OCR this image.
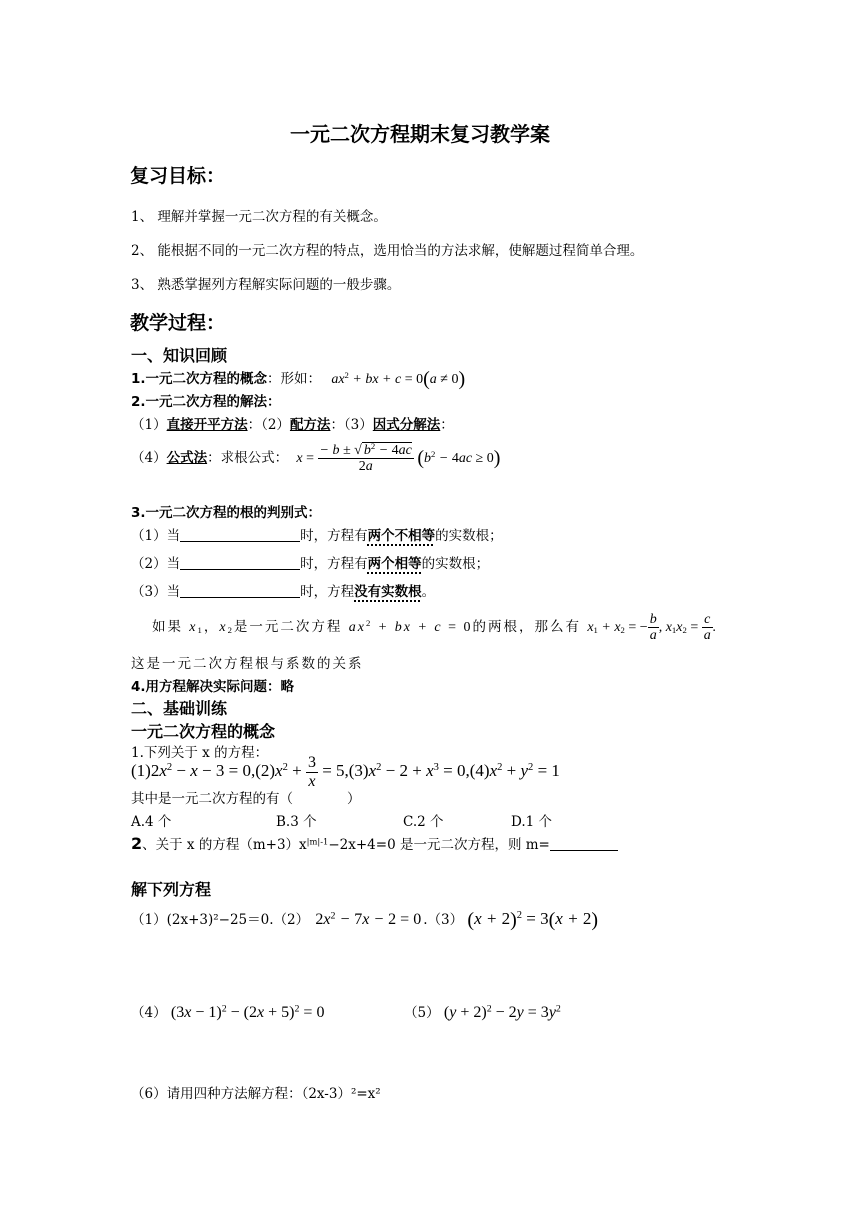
一元二次方程期末复习教学案
复习目标：
1、 理解并掌握一元二次方程的有关概念。
2、 能根据不同的一元二次方程的特点，选用恰当的方法求解，使解题过程简单合理。
3、 熟悉掌握列方程解实际问题的一般步骤。
教学过程：
一、知识回顾
1.一元二次方程的概念：形如： $ax^2$ + bx + c = 0(a ≠ 0)
2.一元二次方程的解法：
（1）直接开平方法：（2）配方法：（3）因式分解法：
（4）公式法：求根公式： $x = \frac{- b \pm √ b^2 - 4ac}{2a} (b^2 - 4ac \ge 0)$
3.一元二次方程的根的判别式：
（1）当	时，方程有两个不相等的实数根；
（2）当	时，方程有两个相等的实数根；
（3）当	时，方程没有实数根。
如果 $x_1$，$x_2$是一元二次方程 $ax^2$ + bx + c = 0的两根，那么有 $x_1 + x_2$ = − $\frac{b}{a}$ , $x_1x_2 = \frac{c}{a}$ .
这是一元二次方程根与系数的关系
4.用方程解决实际问题：略
二、基础训练
一元二次方程的概念
1.下列关于 x 的方程：
$(1)2x^2 - x - 3 = 0,(2)x^2 + \frac{3}{x} = 5,(3)x^2 - 2 + x^3 = 0,(4)x^2 + y^2 = 1$
其中是一元二次方程的有（　　　　）
A.4 个	B.3 个	C.2 个	D.1 个
2、关于 x 的方程$(m+3)x^{|m|-1}-2x+4=0$ 是一元二次方程，则 m=
解下列方程
（1）(2x+3)²−25＝0.（2） $2x^2 - 7x - 2 = 0$ .（3） $(x + 2)^2 = 3(x + 2)$
（4） $(3x - 1)^2 - (2x + 5)^2 = 0$	（5） $(y + 2)^2 - 2y = 3y^2$
（6）请用四种方法解方程：（2x-3）²=x²
